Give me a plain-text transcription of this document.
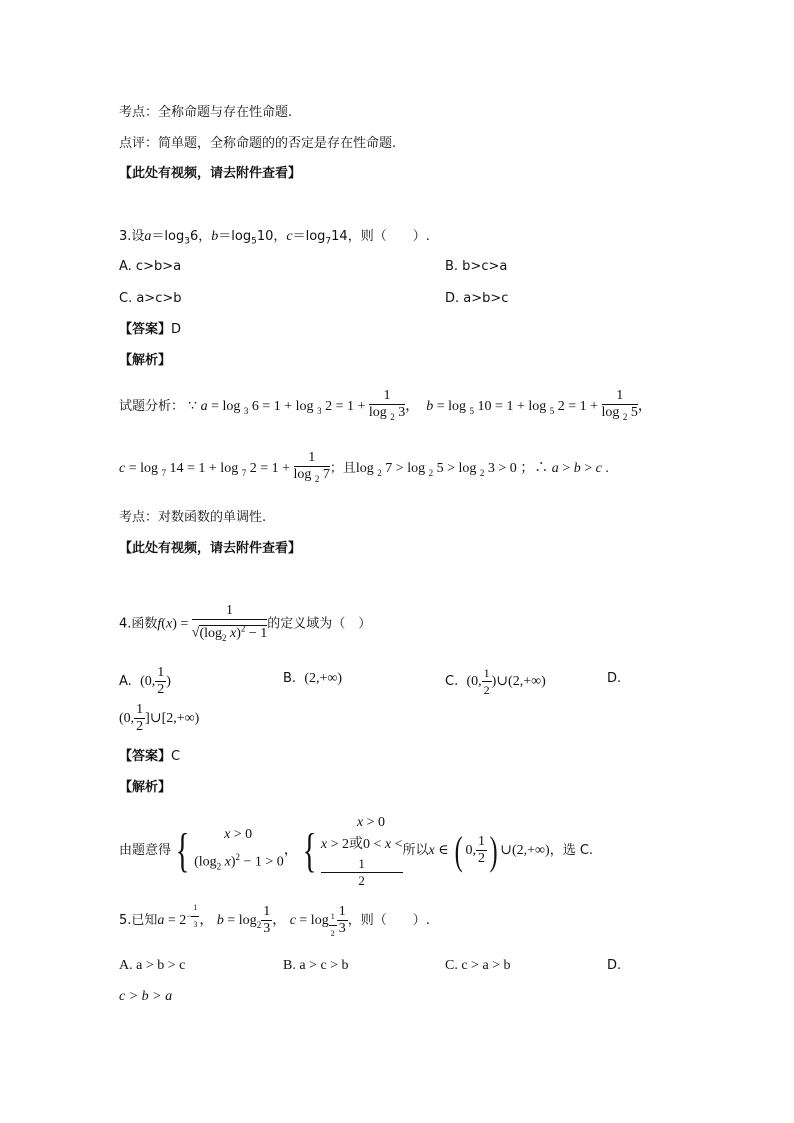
考点：全称命题与存在性命题.
点评：简单题，全称命题的的否定是存在性命题.
【此处有视频，请去附件查看】
3.设$a=\log_36$，$b=\log_510$，$c=\log_714$，则（　　）.
A. c>b>a	B. b>c>a
C. a>c>b	D. a>b>c
【答案】D
【解析】
试题分析： ∵ a = log $_3$ 6 = 1 + log $_3$ $2 = 1 + \frac{1}{\log _2 3}$ ，  b = log $_5$ 10 = 1 + log $_5$ $2 = 1 + \frac{1}{\log _2 5}$ ，
c = log $_7$ 14 = 1 + log $_7$ $2 = 1 + \frac{1}{\log _2 7}$ ；且log $_2$ 7 > log $_2$ 5 > log $_2$ 3 > 0 ；∴ a > b > c .
考点：对数函数的单调性.
【此处有视频，请去附件查看】
4.函数$f(x) = \frac{1}{√(\log_2 x)^2 - 1}$ 的定义域为（　）
A. (0, $\frac{1}{2}$ )	B. (2,+∞)	C. (0, $\frac{1}{2}$ )∪(2,+∞)	D.
(0, $\frac{1}{2}$ ]∪[2,+∞)
【答案】C
【解析】
由题意得{	x > 0
($\log_2$ x)$^2$ − 1 > 0
，{
x > 0
x > 2或0 < x <
1
2
所以x ∈ ( 0, $\frac{1}{2}$ ) ∪(2,+∞)，选 C.
5.已知$a = 2^{- \frac{1}{3}}$ ， $b = \log_2 \frac{1}{3}$ ， $c = \log _{\frac{1}{2}} \frac{1}{3}$ ，则（　　）.
A. a > b > c	B. a > c > b	C. c > a > b	D.
c > b > a
